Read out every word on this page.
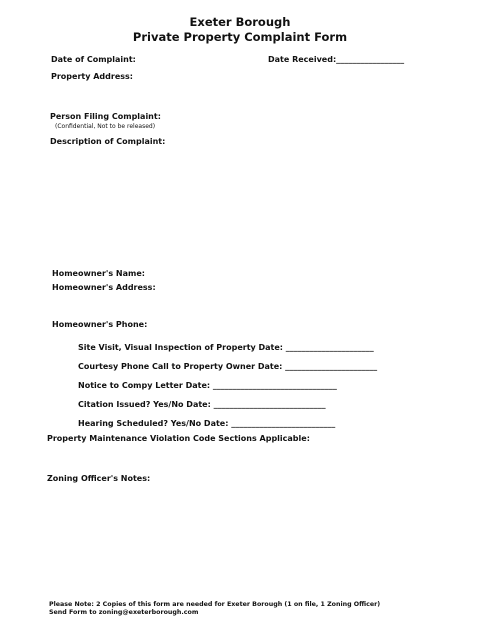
Exeter Borough
Private Property Complaint Form
Date of Complaint:	Date Received:_________________
Property Address:
Person Filing Complaint:
(Confidential, Not to be released)
Description of Complaint:
Homeowner's Name:
Homeowner's Address:
Homeowner's Phone:
Site Visit, Visual Inspection of Property Date: ______________________
Courtesy Phone Call to Property Owner Date: _______________________
Notice to Compy Letter Date: _______________________________
Citation Issued? Yes/No Date: ____________________________
Hearing Scheduled? Yes/No Date: __________________________
Property Maintenance Violation Code Sections Applicable:
Zoning Officer's Notes:
Please Note: 2 Copies of this form are needed for Exeter Borough (1 on file, 1 Zoning Officer)
Send Form to zoning@exeterborough.com
